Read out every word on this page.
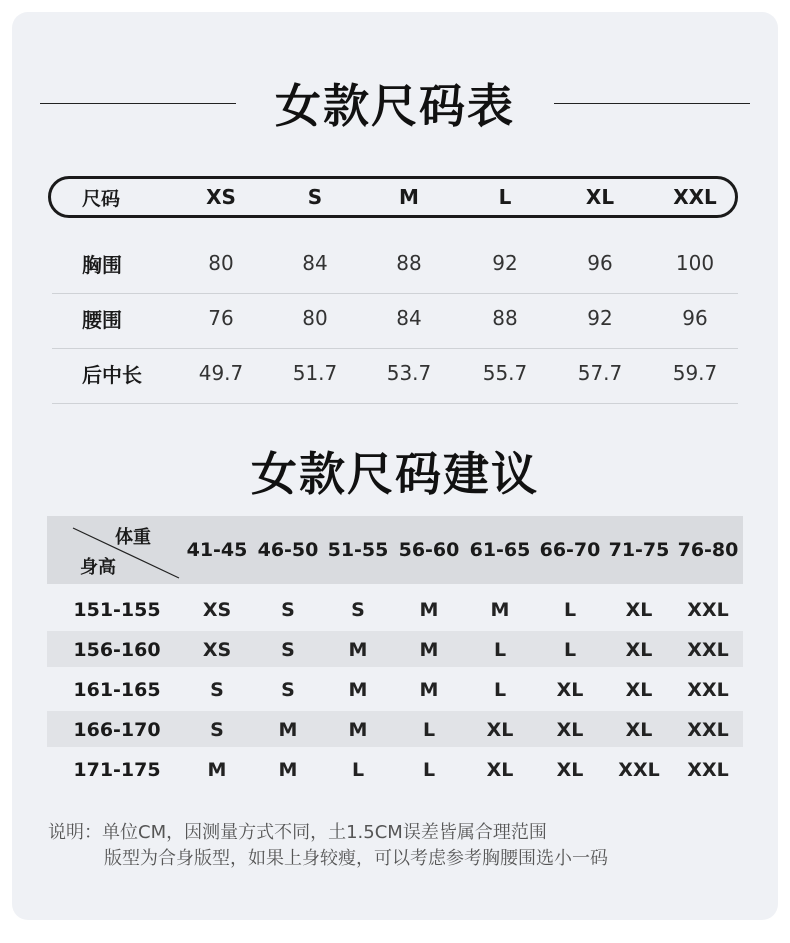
女款尺码表
尺码	XS	S	M	L	XL	XXL
胸围	80	84	88	92	96	100
腰围	76	80	84	88	92	96
后中长	49.7	51.7	53.7	55.7	57.7	59.7
女款尺码建议
体重
身高
41-45 46-50 51-55 56-60 61-65 66-70 71-75 76-80
151-155	XS	S	S	M	M	L	XL	XXL
156-160	XS	S	M	M	L	L	XL	XXL
161-165	S	S	M	M	L	XL	XL	XXL
166-170	S	M	M	L	XL	XL	XL	XXL
171-175	M	M	L	L	XL	XL	XXL	XXL
说明：单位CM，因测量方式不同，土1.5CM误差皆属合理范围
版型为合身版型，如果上身较瘦，可以考虑参考胸腰围选小一码
